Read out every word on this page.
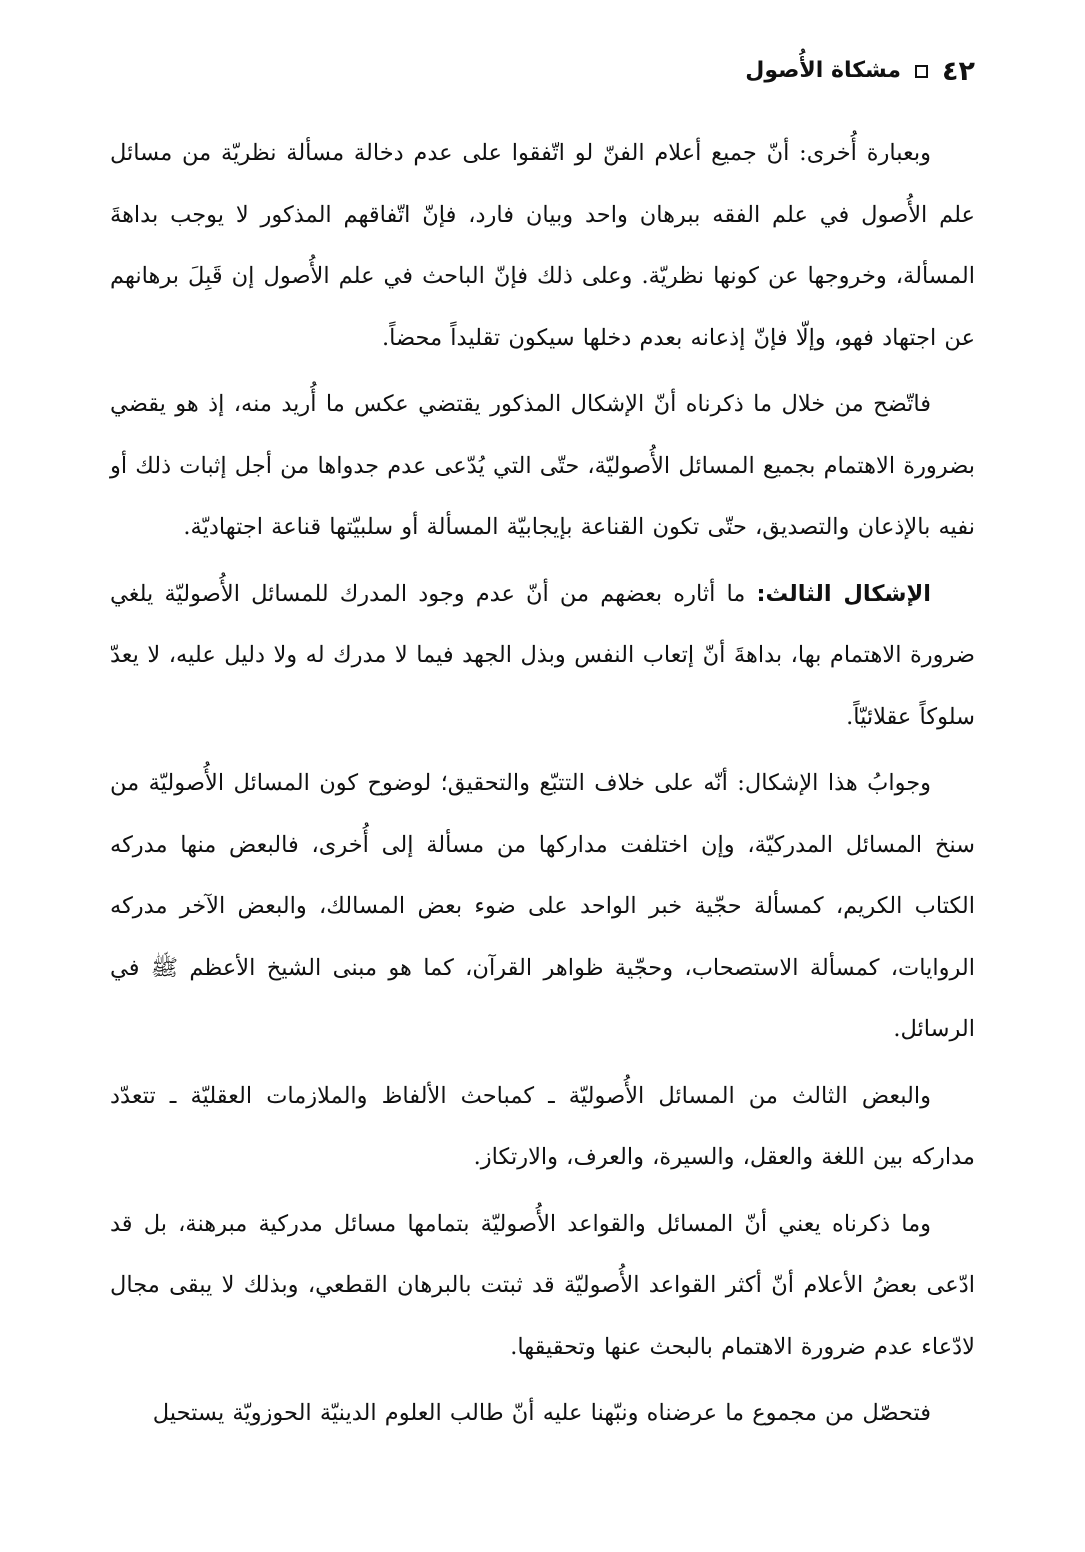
٤٢
مشكاة الأُصول

وبعبارة أُخرى: أنّ جميع أعلام الفنّ لو اتّفقوا على عدم دخالة مسألة نظريّة من مسائل علم الأُصول في علم الفقه ببرهان واحد وبيان فارد، فإنّ اتّفاقهم المذكور لا يوجب بداهةَ المسألة، وخروجها عن كونها نظريّة. وعلى ذلك فإنّ الباحث في علم الأُصول إن قَبِلَ برهانهم عن اجتهاد فهو، وإلّا فإنّ إذعانه بعدم دخلها سيكون تقليداً محضاً.

فاتّضح من خلال ما ذكرناه أنّ الإشكال المذكور يقتضي عكس ما أُريد منه، إذ هو يقضي بضرورة الاهتمام بجميع المسائل الأُصوليّة، حتّى التي يُدّعى عدم جدواها من أجل إثبات ذلك أو نفيه بالإذعان والتصديق، حتّى تكون القناعة بإيجابيّة المسألة أو سلبيّتها قناعة اجتهاديّة.

الإشكال الثالث: ما أثاره بعضهم من أنّ عدم وجود المدرك للمسائل الأُصوليّة يلغي ضرورة الاهتمام بها، بداهةَ أنّ إتعاب النفس وبذل الجهد فيما لا مدرك له ولا دليل عليه، لا يعدّ سلوكاً عقلائيّاً.

وجوابُ هذا الإشكال: أنّه على خلاف التتبّع والتحقيق؛ لوضوح كون المسائل الأُصوليّة من سنخ المسائل المدركيّة، وإن اختلفت مداركها من مسألة إلى أُخرى، فالبعض منها مدركه الكتاب الكريم، كمسألة حجّية خبر الواحد على ضوء بعض المسالك، والبعض الآخر مدركه الروايات، كمسألة الاستصحاب، وحجّية ظواهر القرآن، كما هو مبنى الشيخ الأعظم ﷺ في الرسائل.

والبعض الثالث من المسائل الأُصوليّة ـ كمباحث الألفاظ والملازمات العقليّة ـ تتعدّد مداركه بين اللغة والعقل، والسيرة، والعرف، والارتكاز.

وما ذكرناه يعني أنّ المسائل والقواعد الأُصوليّة بتمامها مسائل مدركية مبرهنة، بل قد ادّعى بعضُ الأعلام أنّ أكثر القواعد الأُصوليّة قد ثبتت بالبرهان القطعي، وبذلك لا يبقى مجال لادّعاء عدم ضرورة الاهتمام بالبحث عنها وتحقيقها.

فتحصّل من مجموع ما عرضناه ونبّهنا عليه أنّ طالب العلوم الدينيّة الحوزويّة يستحيل
